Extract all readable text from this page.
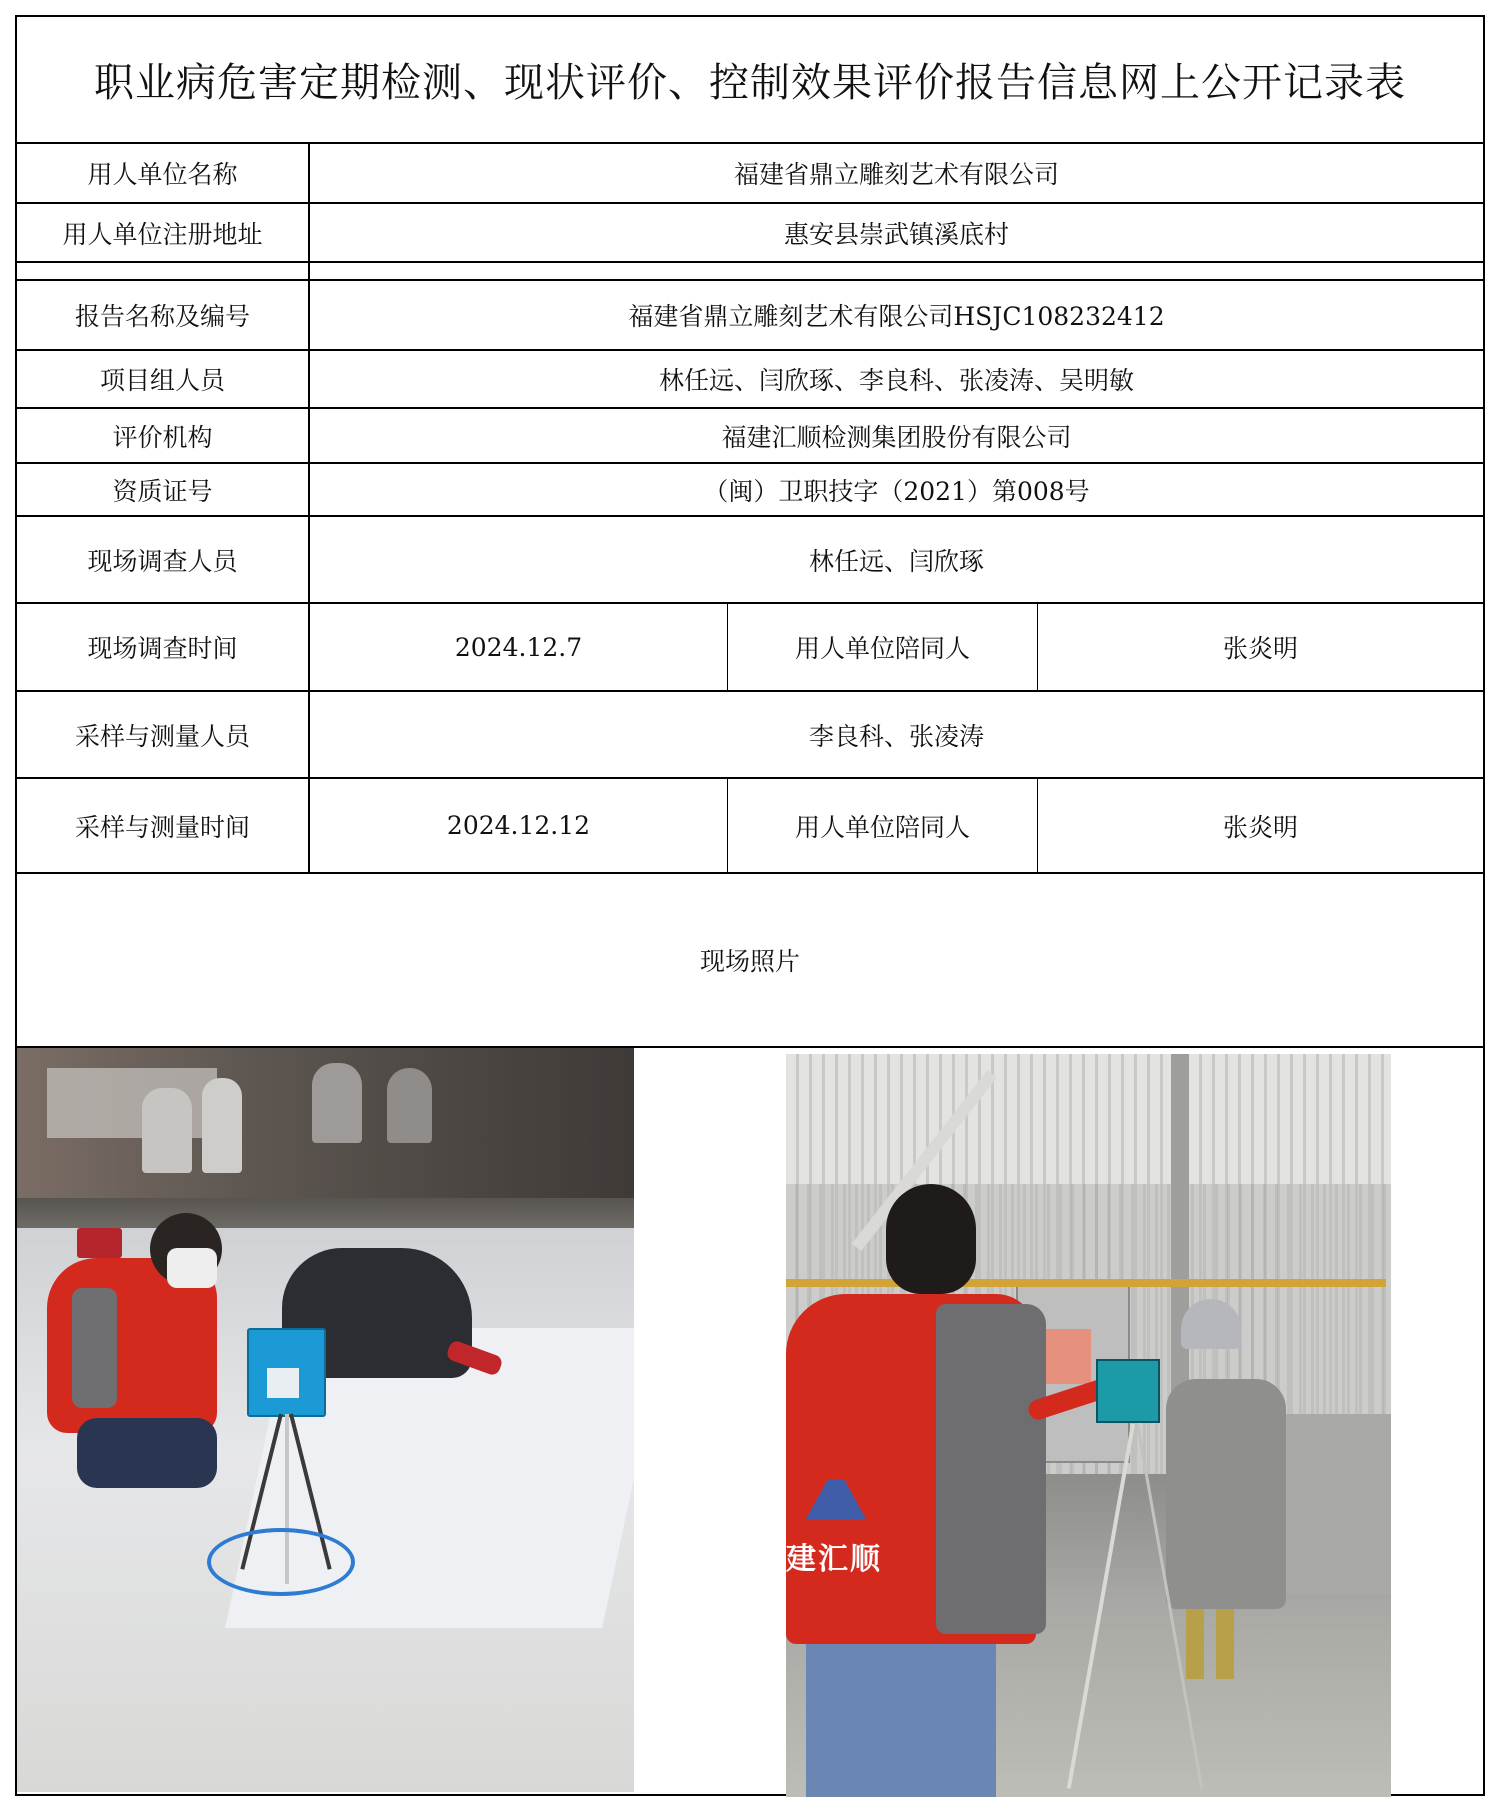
职业病危害定期检测、现状评价、控制效果评价报告信息网上公开记录表
用人单位名称	福建省鼎立雕刻艺术有限公司
用人单位注册地址	惠安县崇武镇溪底村
报告名称及编号	福建省鼎立雕刻艺术有限公司HSJC108232412
项目组人员	林任远、闫欣琢、李良科、张凌涛、吴明敏
评价机构	福建汇顺检测集团股份有限公司
资质证号	（闽）卫职技字（2021）第008号
现场调查人员	林任远、闫欣琢
现场调查时间	2024.12.7	用人单位陪同人	张炎明
采样与测量人员	李良科、张凌涛
采样与测量时间	2024.12.12	用人单位陪同人	张炎明
现场照片
建汇顺
